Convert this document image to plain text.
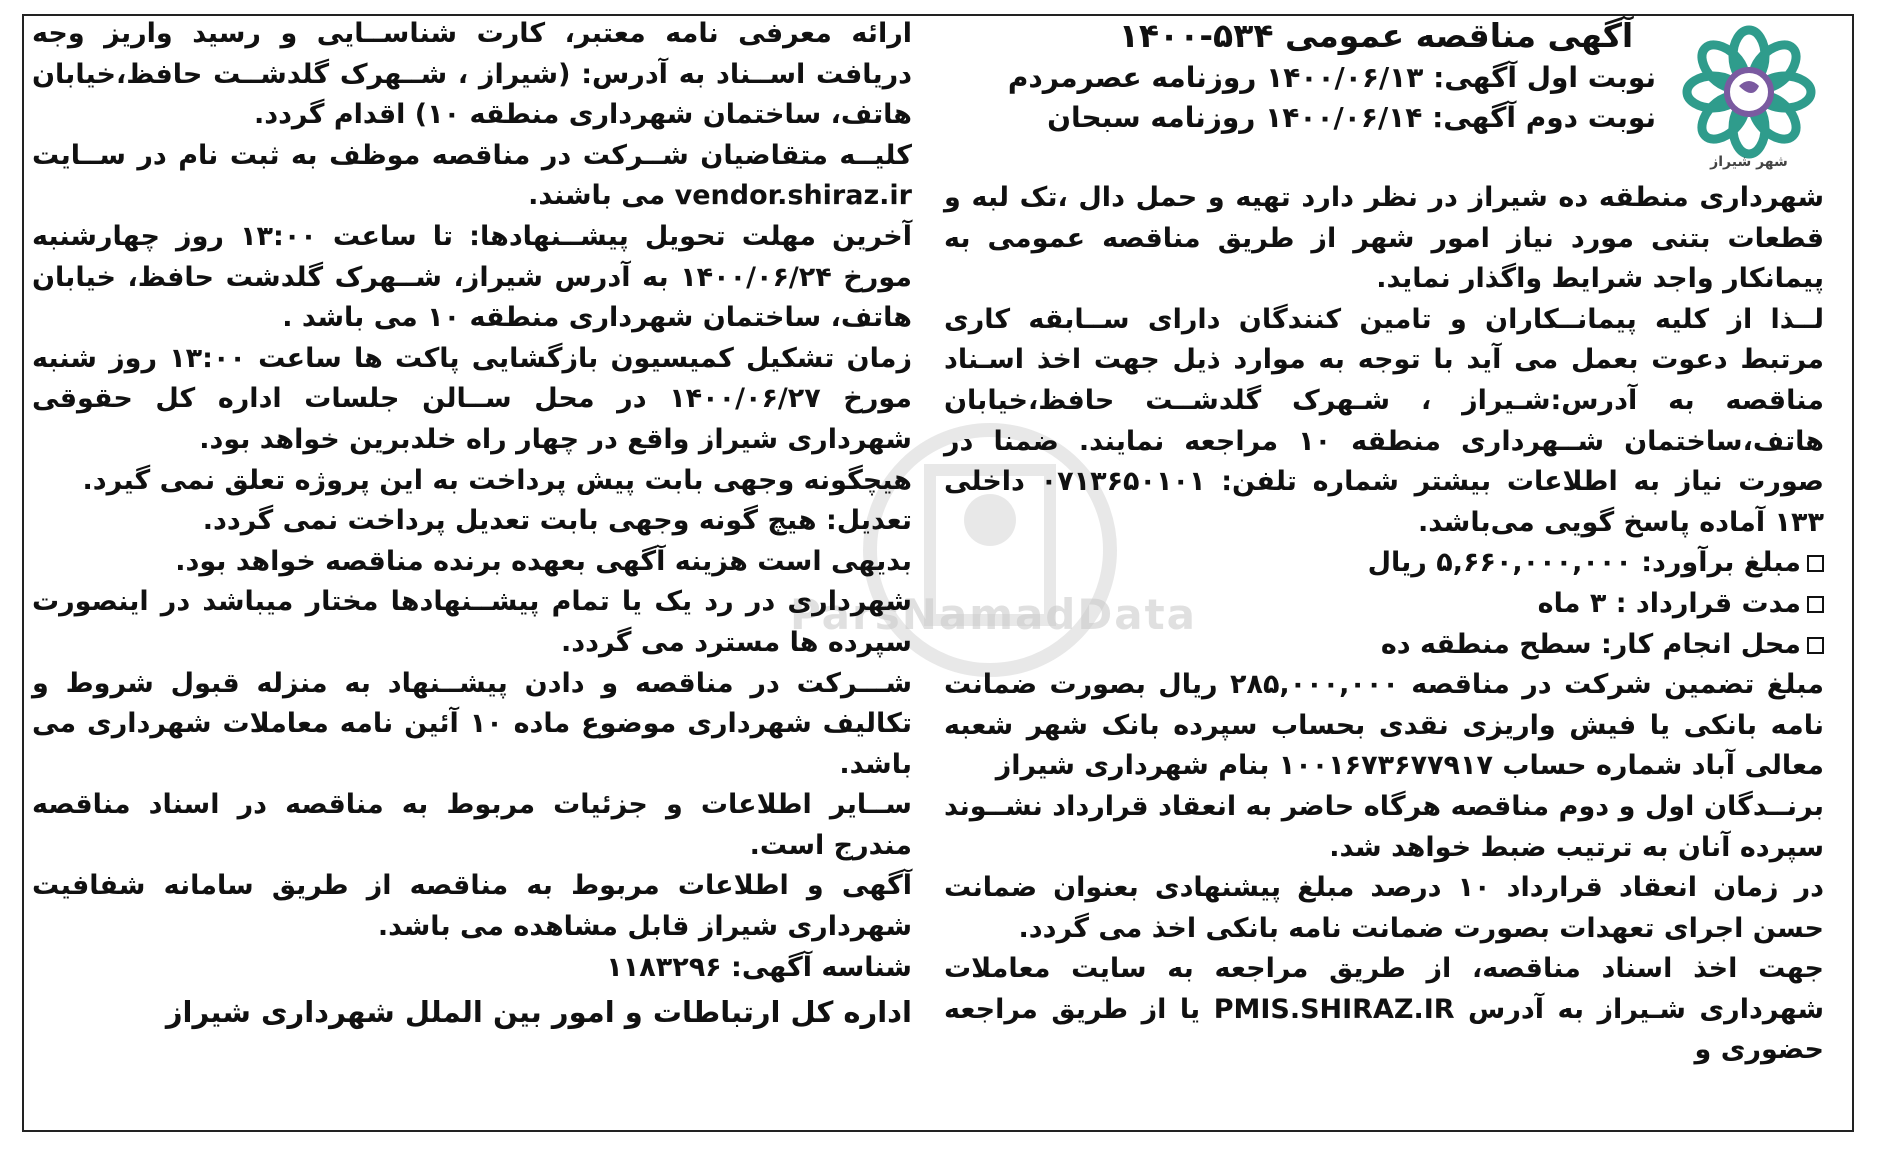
ParsNamadData
شهر شیراز
آگهی مناقصه عمومی ۵۳۴-۱۴۰۰
نوبت اول آگهی: ۱۴۰۰/۰۶/۱۳ روزنامه عصرمردم
نوبت دوم آگهی: ۱۴۰۰/۰۶/۱۴ روزنامه سبحان

شهرداری منطقه ده شیراز در نظر دارد تهیه و حمل دال ،تک لبه و قطعات بتنی مورد نیاز امور شهر از طریق مناقصه عمومی به پیمانکار واجد شرایط واگذار نماید.

لــذا از کلیه پیمانــکاران و تامین کنندگان دارای ســابقه کاری مرتبط دعوت بعمل می آید با توجه به موارد ذیل جهت اخذ اسـناد مناقصه به آدرس:شـیراز ، شـهرک گلدشــت حافظ،خیابان هاتف،ساختمان شــهرداری منطقه ۱۰ مراجعه نمایند. ضمنا در صورت نیاز به اطلاعات بیشتر شماره تلفن: ۰۷۱۳۶۵۰۱۰۱ داخلی ۱۳۳ آماده پاسخ گویی می‌باشد.

مبلغ برآورد: ۵,۶۶۰,۰۰۰,۰۰۰ ریال

مدت قرارداد : ۳ ماه

محل انجام کار: سطح منطقه ده

مبلغ تضمین شرکت در مناقصه ۲۸۵,۰۰۰,۰۰۰ ریال بصورت ضمانت نامه بانکی یا فیش واریزی نقدی بحساب سپرده بانک شهر شعبه معالی آباد شماره حساب ۱۰۰۱۶۷۳۶۷۷۹۱۷ بنام شهرداری شیراز

برنــدگان اول و دوم مناقصه هرگاه حاضر به انعقاد قرارداد نشــوند سپرده آنان به ترتیب ضبط خواهد شد.

در زمان انعقاد قرارداد ۱۰ درصد مبلغ پیشنهادی بعنوان ضمانت حسن اجرای تعهدات بصورت ضمانت نامه بانکی اخذ می گردد.

جهت اخذ اسناد مناقصه، از طریق مراجعه به سایت معاملات شهرداری شـیراز به آدرس PMIS.SHIRAZ.IR یا از طریق مراجعه حضوری و

ارائه معرفی نامه معتبر، کارت شناســایی و رسید واریز وجه دریافت اســناد به آدرس: (شیراز ، شــهرک گلدشــت حافظ،خیابان هاتف، ساختمان شهرداری منطقه ۱۰) اقدام گردد.

کلیــه متقاضیان شــرکت در مناقصه موظف به ثبت نام در ســایت vendor.shiraz.ir می باشند.

آخرین مهلت تحویل پیشــنهادها: تا ساعت ۱۳:۰۰ روز چهارشنبه مورخ ۱۴۰۰/۰۶/۲۴ به آدرس شیراز، شــهرک گلدشت حافظ، خیابان هاتف، ساختمان شهرداری منطقه ۱۰ می باشد .

زمان تشکیل کمیسیون بازگشایی پاکت ها ساعت ۱۳:۰۰ روز شنبه مورخ ۱۴۰۰/۰۶/۲۷ در محل ســالن جلسات اداره کل حقوقی شهرداری شیراز واقع در چهار راه خلدبرین خواهد بود.

هیچگونه وجهی بابت پیش پرداخت به این پروژه تعلق نمی گیرد.

تعدیل: هیچ گونه وجهی بابت تعدیل پرداخت نمی گردد.

بدیهی است هزینه آگهی بعهده برنده مناقصه خواهد بود.

شهرداری در رد یک یا تمام پیشــنهادها مختار میباشد در اینصورت سپرده ها مسترد می گردد.

شـــرکت در مناقصه و دادن پیشــنهاد به منزله قبول شروط و تکالیف شهرداری موضوع ماده ۱۰ آئین نامه معاملات شهرداری می باشد.

ســایر اطلاعات و جزئیات مربوط به مناقصه در اسناد مناقصه مندرج است.

آگهی و اطلاعات مربوط به مناقصه از طریق سامانه شفافیت شهرداری شیراز قابل مشاهده می باشد.

شناسه آگهی: ۱۱۸۳۲۹۶

اداره کل ارتباطات و امور بین الملل شهرداری شیراز
